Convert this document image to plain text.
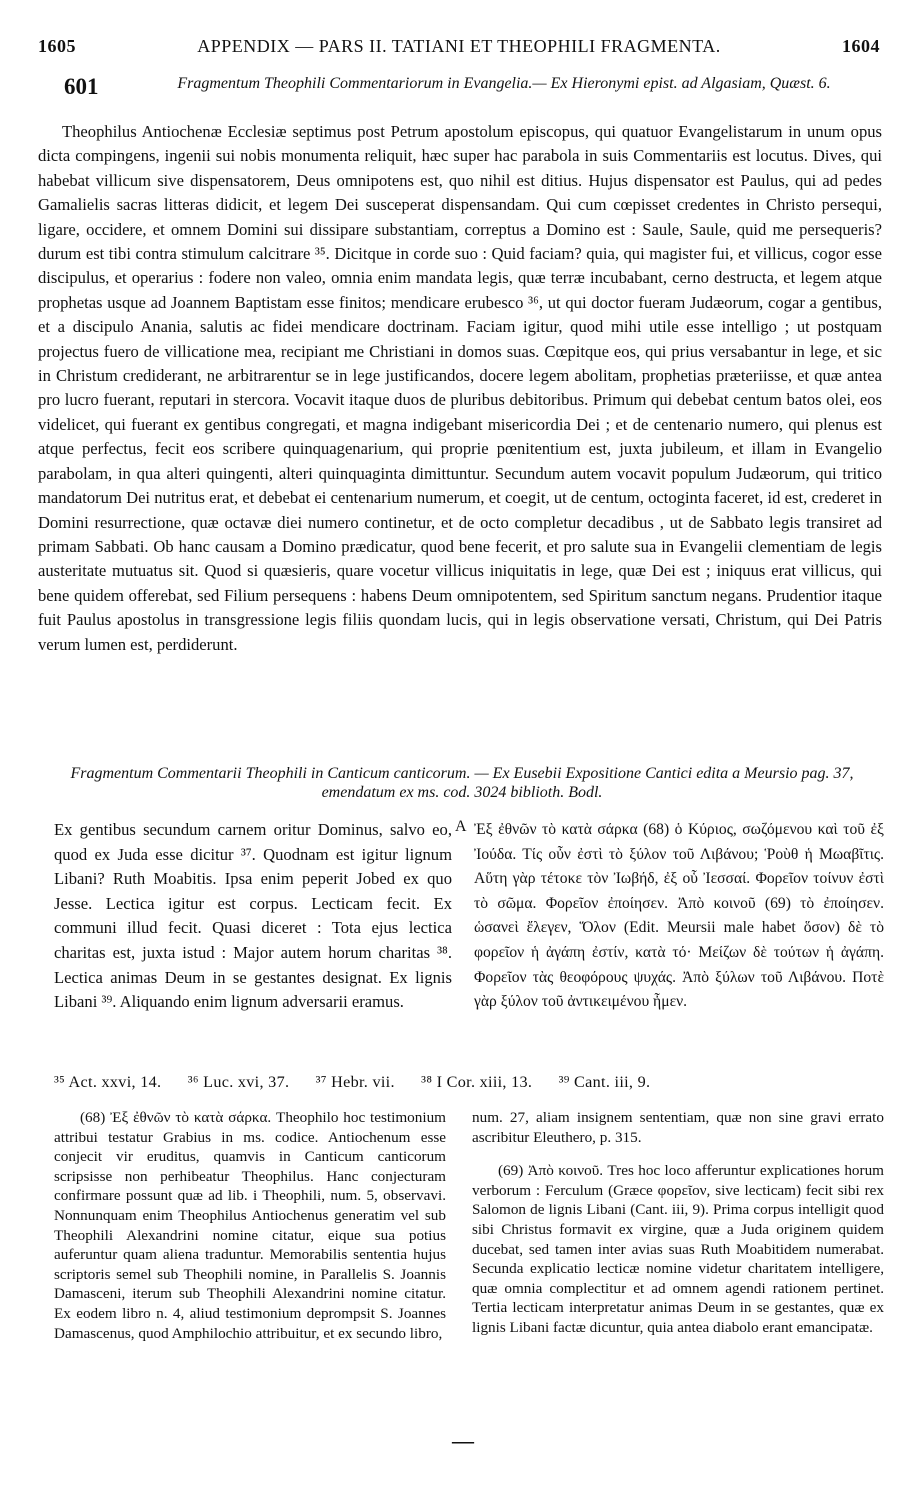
1605	APPENDIX — PARS II. TATIANI ET THEOPHILI FRAGMENTA.	1604
601	Fragmentum Theophili Commentariorum in Evangelia.— Ex Hieronymi epist. ad Algasiam, Quæst. 6.

Theophilus Antiochenæ Ecclesiæ septimus post Petrum apostolum episcopus, qui quatuor Evangelistarum in unum opus dicta compingens, ingenii sui nobis monumenta reliquit, hæc super hac parabola in suis Commentariis est locutus. Dives, qui habebat villicum sive dispensatorem, Deus omnipotens est, quo nihil est ditius. Hujus dispensator est Paulus, qui ad pedes Gamalielis sacras litteras didicit, et legem Dei susceperat dispensandam. Qui cum cœpisset credentes in Christo persequi, ligare, occidere, et omnem Domini sui dissipare substantiam, correptus a Domino est : Saule, Saule, quid me persequeris? durum est tibi contra stimulum calcitrare ³⁵. Dicitque in corde suo : Quid faciam? quia, qui magister fui, et villicus, cogor esse discipulus, et operarius : fodere non valeo, omnia enim mandata legis, quæ terræ incubabant, cerno destructa, et legem atque prophetas usque ad Joannem Baptistam esse finitos; mendicare erubesco ³⁶, ut qui doctor fueram Judæorum, cogar a gentibus, et a discipulo Anania, salutis ac fidei mendicare doctrinam. Faciam igitur, quod mihi utile esse intelligo ; ut postquam projectus fuero de villicatione mea, recipiant me Christiani in domos suas. Cœpitque eos, qui prius versabantur in lege, et sic in Christum crediderant, ne arbitrarentur se in lege justificandos, docere legem abolitam, prophetias præteriisse, et quæ antea pro lucro fuerant, reputari in stercora. Vocavit itaque duos de pluribus debitoribus. Primum qui debebat centum batos olei, eos videlicet, qui fuerant ex gentibus congregati, et magna indigebant misericordia Dei ; et de centenario numero, qui plenus est atque perfectus, fecit eos scribere quinquagenarium, qui proprie pœnitentium est, juxta jubileum, et illam in Evangelio parabolam, in qua alteri quingenti, alteri quinquaginta dimittuntur. Secundum autem vocavit populum Judæorum, qui tritico mandatorum Dei nutritus erat, et debebat ei centenarium numerum, et coegit, ut de centum, octoginta faceret, id est, crederet in Domini resurrectione, quæ octavæ diei numero continetur, et de octo completur decadibus , ut de Sabbato legis transiret ad primam Sabbati. Ob hanc causam a Domino prædicatur, quod bene fecerit, et pro salute sua in Evangelii clementiam de legis austeritate mutuatus sit. Quod si quæsieris, quare vocetur villicus iniquitatis in lege, quæ Dei est ; iniquus erat villicus, qui bene quidem offerebat, sed Filium persequens : habens Deum omnipotentem, sed Spiritum sanctum negans. Prudentior itaque fuit Paulus apostolus in transgressione legis filiis quondam lucis, qui in legis observatione versati, Christum, qui Dei Patris verum lumen est, perdiderunt.

Fragmentum Commentarii Theophili in Canticum canticorum. — Ex Eusebii Expositione Cantici edita a Meursio pag. 37, emendatum ex ms. cod. 3024 biblioth. Bodl.

Ex gentibus secundum carnem oritur Dominus, salvo eo, quod ex Juda esse dicitur ³⁷. Quodnam est igitur lignum Libani? Ruth Moabitis. Ipsa enim peperit Jobed ex quo Jesse. Lectica igitur est corpus. Lecticam fecit. Ex communi illud fecit. Quasi diceret : Tota ejus lectica charitas est, juxta istud : Major autem horum charitas ³⁸. Lectica animas Deum in se gestantes designat. Ex lignis Libani ³⁹. Aliquando enim lignum adversarii eramus.

A Ἐξ ἐθνῶν τὸ κατὰ σάρκα (68) ὁ Κύριος, σωζόμενου καὶ τοῦ ἐξ Ἰούδα. Τίς οὖν ἐστὶ τὸ ξύλον τοῦ Λιβάνου; Ῥοὺθ ἡ Μωαβῖτις. Αὕτη γὰρ τέτοκε τὸν Ἰωβήδ, ἐξ οὗ Ἰεσσαί. Φορεῖον τοίνυν ἐστὶ τὸ σῶμα. Φορεῖον ἐποίησεν. Ἀπὸ κοινοῦ (69) τὸ ἐποίησεν. ὡσανεὶ ἔλεγεν, Ὅλον (Edit. Meursii male habet ὅσον) δὲ τὸ φορεῖον ἡ ἀγάπη ἐστίν, κατὰ τό· Μείζων δὲ τούτων ἡ ἀγάπη. Φορεῖον τὰς θεοφόρους ψυχάς. Ἀπὸ ξύλων τοῦ Λιβάνου. Ποτὲ γὰρ ξύλον τοῦ ἀντικειμένου ἦμεν.

³⁵ Act. xxvi, 14. ³⁶ Luc. xvi, 37. ³⁷ Hebr. vii. ³⁸ I Cor. xiii, 13. ³⁹ Cant. iii, 9.

(68) Ἐξ ἐθνῶν τὸ κατὰ σάρκα. Theophilo hoc testimonium attribui testatur Grabius in ms. codice. Antiochenum esse conjecit vir eruditus, quamvis in Canticum canticorum scripsisse non perhibeatur Theophilus. Hanc conjecturam confirmare possunt quæ ad lib. i Theophili, num. 5, observavi. Nonnunquam enim Theophilus Antiochenus generatim vel sub Theophili Alexandrini nomine citatur, eique sua potius auferuntur quam aliena traduntur. Memorabilis sententia hujus scriptoris semel sub Theophili nomine, in Parallelis S. Joannis Damasceni, iterum sub Theophili Alexandrini nomine citatur. Ex eodem libro n. 4, aliud testimonium deprompsit S. Joannes Damascenus, quod Amphilochio attribuitur, et ex secundo libro,

num. 27, aliam insignem sententiam, quæ non sine gravi errato ascribitur Eleuthero, p. 315.

(69) Ἀπὸ κοινοῦ. Tres hoc loco afferuntur explicationes horum verborum : Ferculum (Græce φορεῖον, sive lecticam) fecit sibi rex Salomon de lignis Libani (Cant. iii, 9). Prima corpus intelligit quod sibi Christus formavit ex virgine, quæ a Juda originem quidem ducebat, sed tamen inter avias suas Ruth Moabitidem numerabat. Secunda explicatio lecticæ nomine videtur charitatem intelligere, quæ omnia complectitur et ad omnem agendi rationem pertinet. Tertia lecticam interpretatur animas Deum in se gestantes, quæ ex lignis Libani factæ dicuntur, quia antea diabolo erant emancipatæ.

—
